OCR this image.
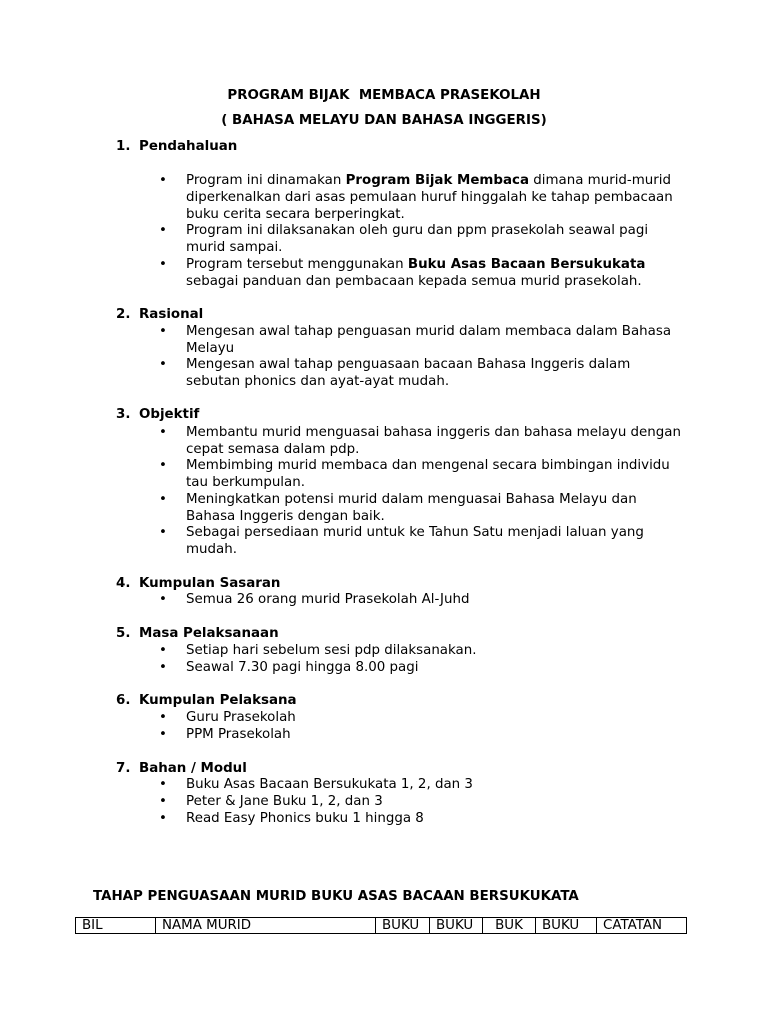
PROGRAM BIJAK  MEMBACA PRASEKOLAH
( BAHASA MELAYU DAN BAHASA INGGERIS)
1. Pendahaluan
• Program ini dinamakan Program Bijak Membaca dimana murid-murid diperkenalkan dari asas pemulaan huruf hinggalah ke tahap pembacaan buku cerita secara berperingkat.
• Program ini dilaksanakan oleh guru dan ppm prasekolah seawal pagi murid sampai.
• Program tersebut menggunakan Buku Asas Bacaan Bersukukata sebagai panduan dan pembacaan kepada semua murid prasekolah.
2. Rasional
• Mengesan awal tahap penguasan murid dalam membaca dalam Bahasa Melayu
• Mengesan awal tahap penguasaan bacaan Bahasa Inggeris dalam sebutan phonics dan ayat-ayat mudah.
3. Objektif
• Membantu murid menguasai bahasa inggeris dan bahasa melayu dengan cepat semasa dalam pdp.
• Membimbing murid membaca dan mengenal secara bimbingan individu tau berkumpulan.
• Meningkatkan potensi murid dalam menguasai Bahasa Melayu dan Bahasa Inggeris dengan baik.
• Sebagai persediaan murid untuk ke Tahun Satu menjadi laluan yang mudah.
4. Kumpulan Sasaran
• Semua 26 orang murid Prasekolah Al-Juhd
5. Masa Pelaksanaan
• Setiap hari sebelum sesi pdp dilaksanakan.
• Seawal 7.30 pagi hingga 8.00 pagi
6. Kumpulan Pelaksana
• Guru Prasekolah
• PPM Prasekolah
7. Bahan / Modul
• Buku Asas Bacaan Bersukukata 1, 2, dan 3
• Peter & Jane Buku 1, 2, dan 3
• Read Easy Phonics buku 1 hingga 8
TAHAP PENGUASAAN MURID BUKU ASAS BACAAN BERSUKUKATA
BIL	NAMA MURID	BUKU	BUKU	BUK	BUKU	CATATAN
